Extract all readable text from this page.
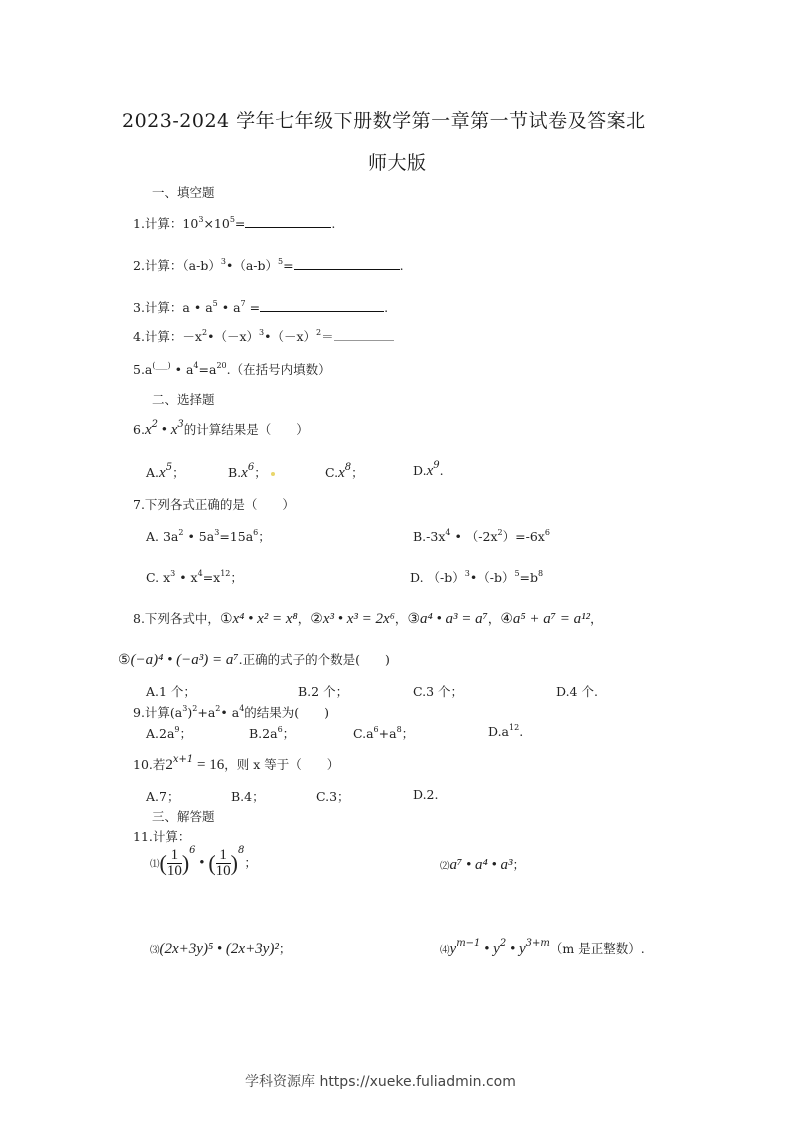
2023-2024 学年七年级下册数学第一章第一节试卷及答案北
师大版
一、填空题
1.计算：$10^3\times 10^5=$	.
2.计算：$(a-b)^3•(a-b)^5=$	.
3.计算：a • $a^5$ • $a^7$ =	.
4.计算：$-x^2•(-x)^3•(-x)^2=$
5.a(___) • $a^4=a^{20}$.（在括号内填数）
二、选择题
$6.x^2$ • $x^3$的计算结果是（　　）
$A.x^5$；	$B.x^6$；	$C.x^8$；	$D.x^9$.
7.下列各式正确的是（　　）
A. $3a^2$ • $5a^3=15a^6$；	$B.-3x^4$ • $(-2x^2)=-6x^6$
C. $x^3$ • $x^4=x^{12}$；	D. $(-b)^3•(-b)^5=b^8$
8.下列各式中，①x⁴ • x² = x⁸，②x³ • x³ = 2x⁶，③a⁴ • a³ = a⁷，④a⁵ + a⁷ = a¹²，
⑤(−a)⁴ • (−a³) = a⁷.正确的式子的个数是(　　)
A.1 个；	B.2 个；	C.3 个；	D.4 个.
9.计算$(a^3)^2+a^2•$ $a^4$的结果为(　　)
$A.2a^9$；	$B.2a^6$；	$C.a^6+a^8$；	$D.a^{12}$.
10.若$2^{x+1} = 16$，则 x 等于（　　）
A.7；	B.4；	C.3；	D.2.
三、解答题
11.计算：
⑴( $\frac{1}{10} )^6$ • ( $\frac{1}{10} )^8$；	⑵a⁷ • a⁴ • a³；
⑶(2x+3y)⁵ • (2x+3y)²；	$⑷y^{m-1}$ • $y^2$ • $y^{3+m}(m$ 是正整数）.
学科资源库 https://xueke.fuliadmin.com
